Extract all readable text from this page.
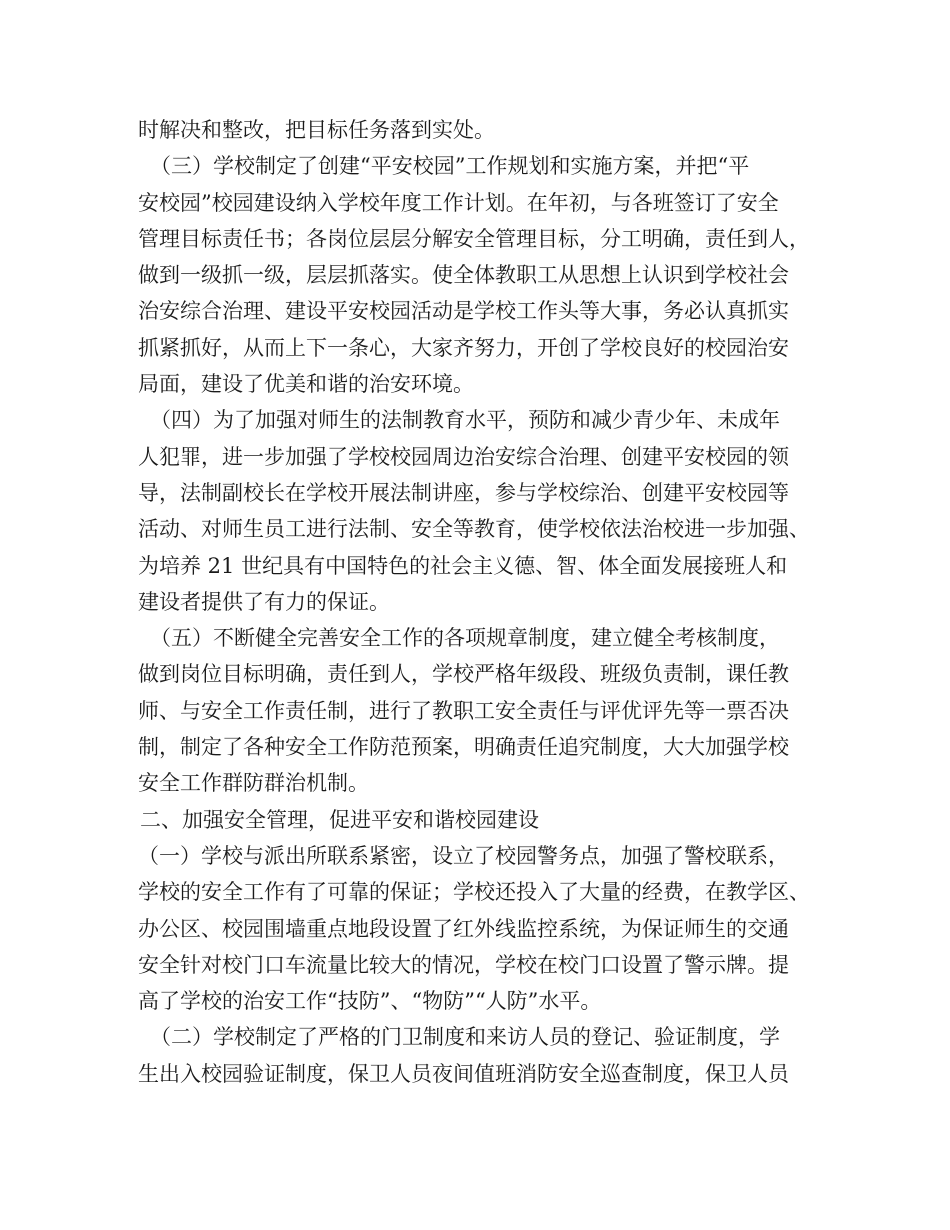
时解决和整改，把目标任务落到实处。
（三）学校制定了创建“平安校园”工作规划和实施方案，并把“平
安校园”校园建设纳入学校年度工作计划。在年初，与各班签订了安全
管理目标责任书；各岗位层层分解安全管理目标，分工明确，责任到人，
做到一级抓一级，层层抓落实。使全体教职工从思想上认识到学校社会
治安综合治理、建设平安校园活动是学校工作头等大事，务必认真抓实
抓紧抓好，从而上下一条心，大家齐努力，开创了学校良好的校园治安
局面，建设了优美和谐的治安环境。
（四）为了加强对师生的法制教育水平，预防和减少青少年、未成年
人犯罪，进一步加强了学校校园周边治安综合治理、创建平安校园的领
导，法制副校长在学校开展法制讲座，参与学校综治、创建平安校园等
活动、对师生员工进行法制、安全等教育，使学校依法治校进一步加强、
为培养 21 世纪具有中国特色的社会主义德、智、体全面发展接班人和
建设者提供了有力的保证。
（五）不断健全完善安全工作的各项规章制度，建立健全考核制度，
做到岗位目标明确，责任到人，学校严格年级段、班级负责制，课任教
师、与安全工作责任制，进行了教职工安全责任与评优评先等一票否决
制，制定了各种安全工作防范预案，明确责任追究制度，大大加强学校
安全工作群防群治机制。
二、加强安全管理，促进平安和谐校园建设
（一）学校与派出所联系紧密，设立了校园警务点，加强了警校联系，
学校的安全工作有了可靠的保证；学校还投入了大量的经费，在教学区、
办公区、校园围墙重点地段设置了红外线监控系统，为保证师生的交通
安全针对校门口车流量比较大的情况，学校在校门口设置了警示牌。提
高了学校的治安工作“技防”、“物防”“人防”水平。
（二）学校制定了严格的门卫制度和来访人员的登记、验证制度，学
生出入校园验证制度，保卫人员夜间值班消防安全巡查制度，保卫人员
